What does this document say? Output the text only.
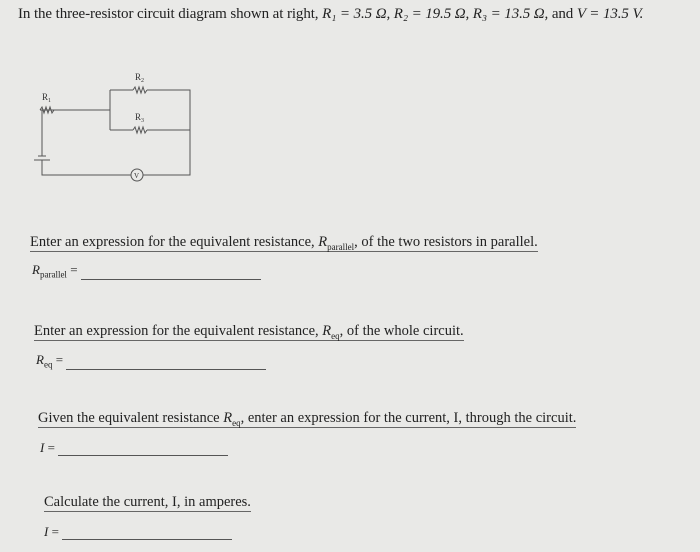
In the three-resistor circuit diagram shown at right, R₁ = 3.5 Ω, R₂ = 19.5 Ω, R₃ = 13.5 Ω, and V = 13.5 V.
$R_1$
$R_2$
$R_3$
V
Enter an expression for the equivalent resistance, $R_{parallel}$, of the two resistors in parallel.
$R_{parallel}$ =
Enter an expression for the equivalent resistance, $R_{eq}$, of the whole circuit.
$R_{eq}$ =
Given the equivalent resistance $R_{eq}$, enter an expression for the current, I, through the circuit.
I =
Calculate the current, I, in amperes.
I =
